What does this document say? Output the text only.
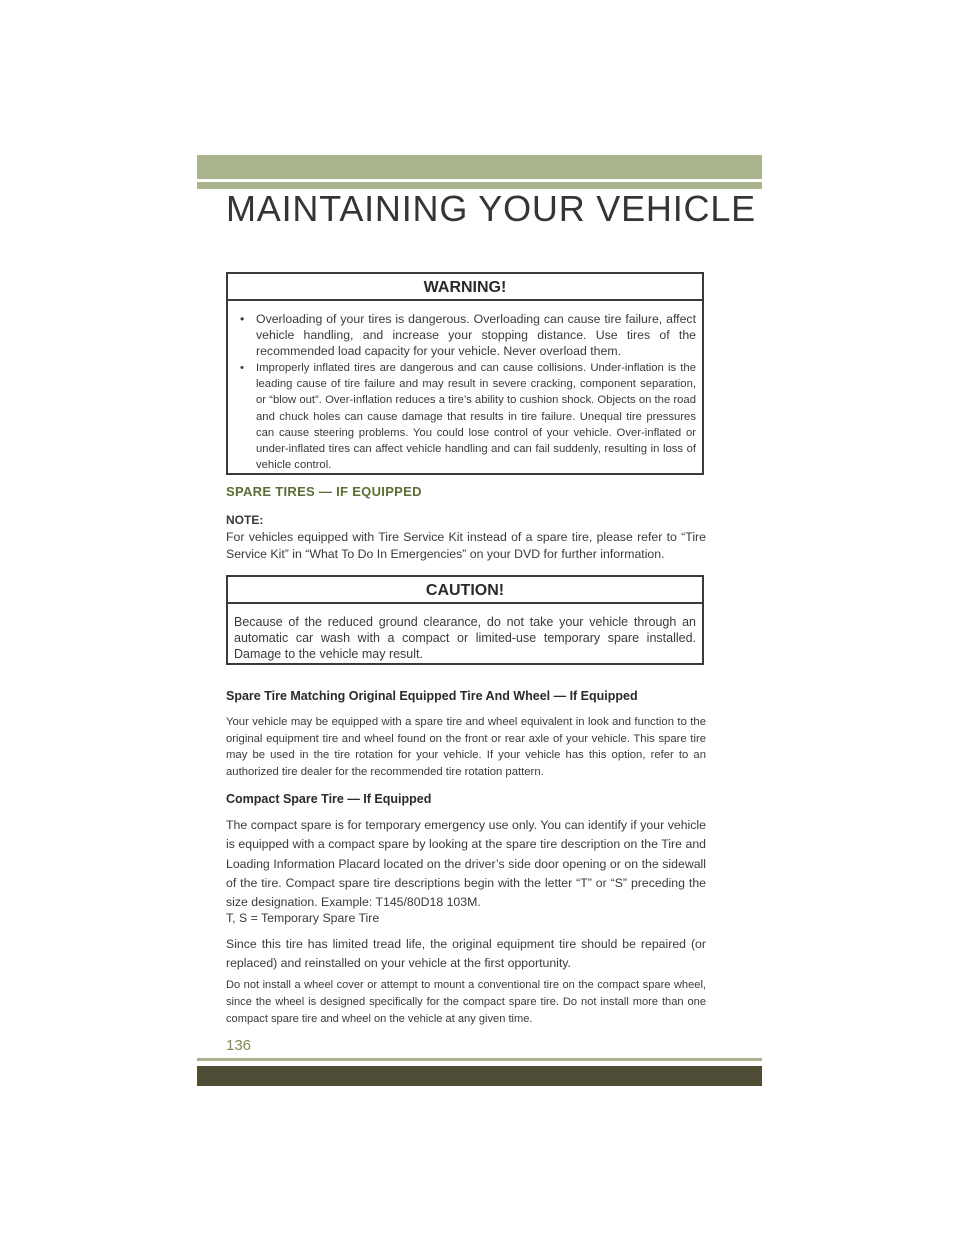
MAINTAINING YOUR VEHICLE
WARNING!
• Overloading of your tires is dangerous. Overloading can cause tire failure, affect vehicle handling, and increase your stopping distance. Use tires of the recommended load capacity for your vehicle. Never overload them.
• Improperly inflated tires are dangerous and can cause collisions. Under-inflation is the leading cause of tire failure and may result in severe cracking, component separation, or “blow out”. Over-inflation reduces a tire’s ability to cushion shock. Objects on the road and chuck holes can cause damage that results in tire failure. Unequal tire pressures can cause steering problems. You could lose control of your vehicle. Over-inflated or under-inflated tires can affect vehicle handling and can fail suddenly, resulting in loss of vehicle control.
SPARE TIRES — IF EQUIPPED

NOTE:

For vehicles equipped with Tire Service Kit instead of a spare tire, please refer to “Tire Service Kit” in “What To Do In Emergencies” on your DVD for further information.

CAUTION!

Because of the reduced ground clearance, do not take your vehicle through an automatic car wash with a compact or limited-use temporary spare installed. Damage to the vehicle may result.

Spare Tire Matching Original Equipped Tire And Wheel — If Equipped

Your vehicle may be equipped with a spare tire and wheel equivalent in look and function to the original equipment tire and wheel found on the front or rear axle of your vehicle. This spare tire may be used in the tire rotation for your vehicle. If your vehicle has this option, refer to an authorized tire dealer for the recommended tire rotation pattern.

Compact Spare Tire — If Equipped

The compact spare is for temporary emergency use only. You can identify if your vehicle is equipped with a compact spare by looking at the spare tire description on the Tire and Loading Information Placard located on the driver’s side door opening or on the sidewall of the tire. Compact spare tire descriptions begin with the letter “T” or “S” preceding the size designation. Example: T145/80D18 103M.

T, S = Temporary Spare Tire

Since this tire has limited tread life, the original equipment tire should be repaired (or replaced) and reinstalled on your vehicle at the first opportunity.

Do not install a wheel cover or attempt to mount a conventional tire on the compact spare wheel, since the wheel is designed specifically for the compact spare tire. Do not install more than one compact spare tire and wheel on the vehicle at any given time.

136
